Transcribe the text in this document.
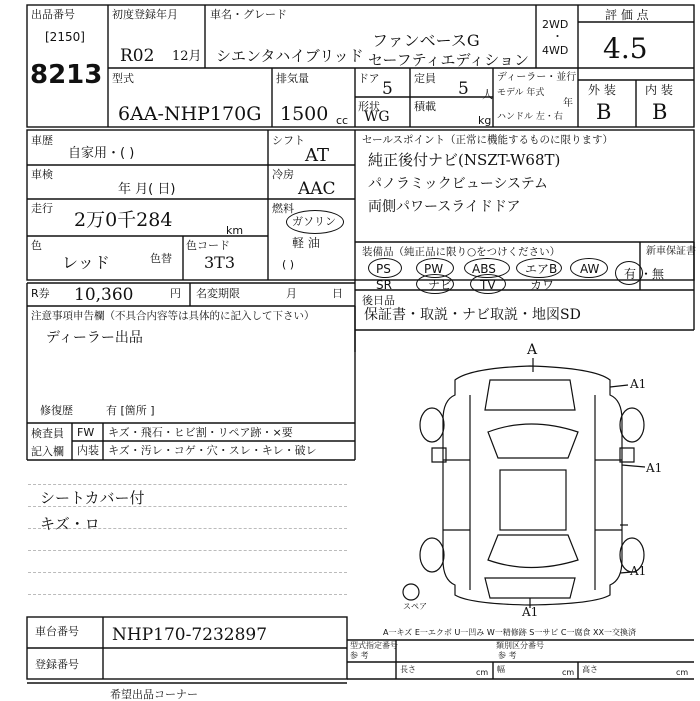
出品番号
[2150]
8213
初度登録年月
R02 12月
車名・グレード
シエンタハイブリッド
ファンベースG
セーフティエディション
2WD
・
4WD
評 価 点
4.5
型式
6AA-NHP170G
排気量
1500 cc
ドア
5
定員
5 人
形状
WG
積載
kg
ディーラー・並行
モデル 年式
年
ハンドル 左・右
外 装 内 装
B B
車歴
自家用・( )
車検
年 月( 日)
走行
2万0千284	km
色
レッド	色替
色コード
3T3
シフト
AT
冷房
AAC
燃料
ガソリン
軽 油
( )
セールスポイント（正常に機能するものに限ります）
純正後付ナビ(NSZT-W68T)
パノラミックビューシステム
両側パワースライドドア
装備品（純正品に限り○をつけください）	新車保証書
PS	PW ABS エアB AW
SR	ナビ TV	カワ
有 ・無
R券 10,360	円 名変期限	月	日
後日品
保証書・取説・ナビ取説・地図SD
注意事項申告欄（不具合内容等は具体的に記入して下さい）
ディーラー出品
修復歴	有 [箇所 ]
検査員 記入欄
FW キズ・飛石・ヒビ割・リペア跡・×要
内装 キズ・汚レ・コゲ・穴・スレ・キレ・破レ
シートカバー付
キズ・ロ
A
A1
A1
A1
A1
スペア
A一キズ E一エクボ U一凹み W一精修跡 S一サビ C一腐食 XX一交換済
車台番号 NHP170-7232897
登録番号
型式指定番号
参 考
類別区分番号
参 考
長さ	cm 幅	cm 高さ	cm
希望出品コーナー
